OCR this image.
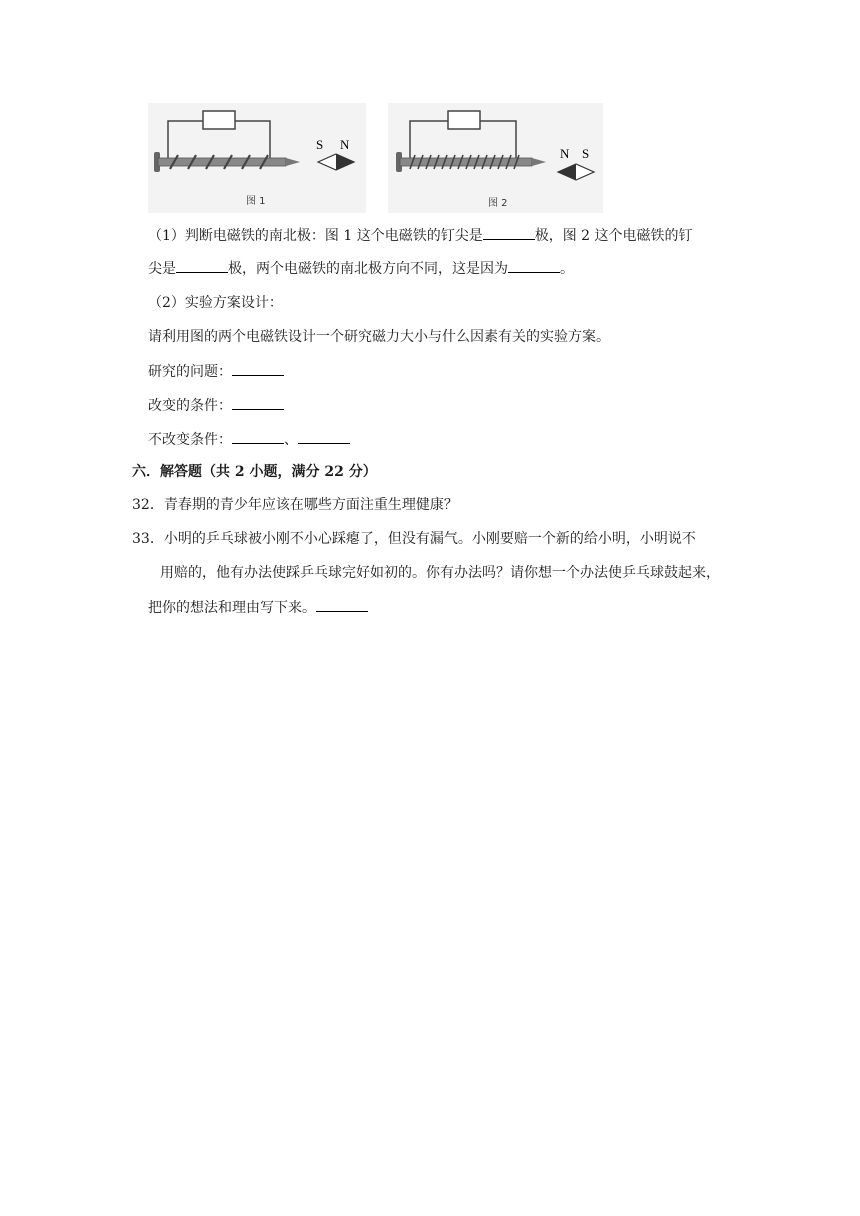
S N
图 1
N S
图 2
（1）判断电磁铁的南北极：图 1 这个电磁铁的钉尖是	极，图 2 这个电磁铁的钉
尖是	极，两个电磁铁的南北极方向不同，这是因为	。
（2）实验方案设计：
请利用图的两个电磁铁设计一个研究磁力大小与什么因素有关的实验方案。
研究的问题：
改变的条件：
不改变条件：	、
六．解答题（共 2 小题，满分 22 分）
32．青春期的青少年应该在哪些方面注重生理健康？
33．小明的乒乓球被小刚不小心踩瘪了，但没有漏气。小刚要赔一个新的给小明，小明说不
用赔的，他有办法使踩乒乓球完好如初的。你有办法吗？请你想一个办法使乒乓球鼓起来，
把你的想法和理由写下来。
